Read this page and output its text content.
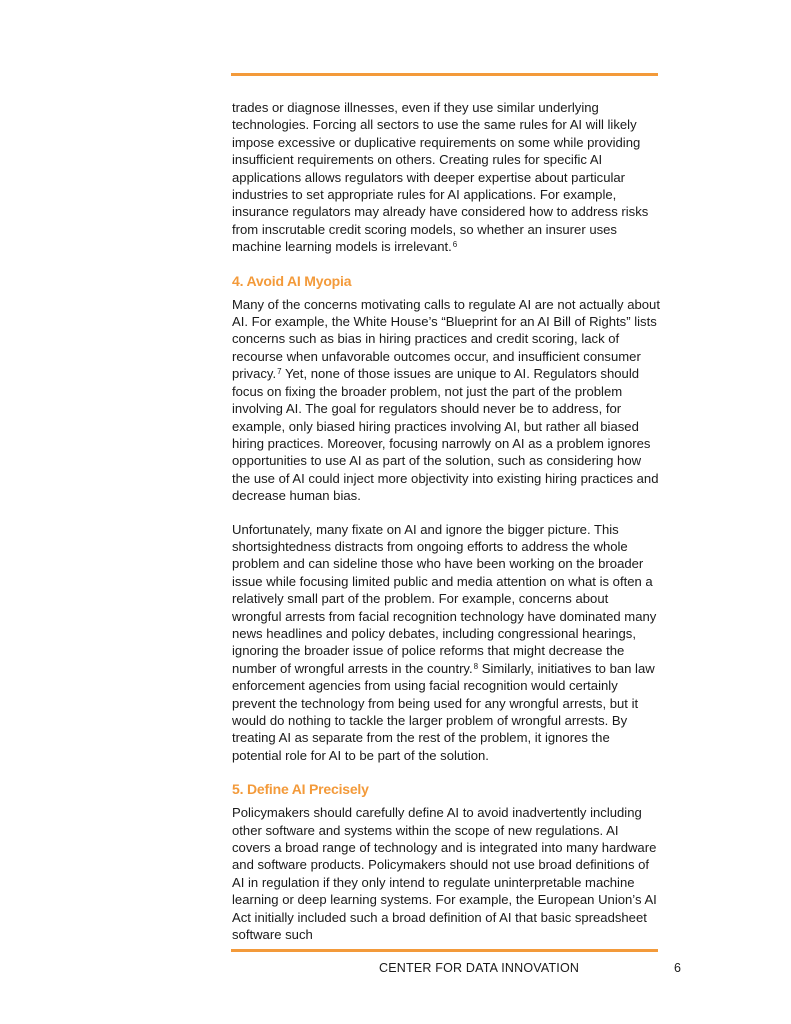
trades or diagnose illnesses, even if they use similar underlying technologies. Forcing all sectors to use the same rules for AI will likely impose excessive or duplicative requirements on some while providing insufficient requirements on others. Creating rules for specific AI applications allows regulators with deeper expertise about particular industries to set appropriate rules for AI applications. For example, insurance regulators may already have considered how to address risks from inscrutable credit scoring models, so whether an insurer uses machine learning models is irrelevant.$^6$

4. Avoid AI Myopia

Many of the concerns motivating calls to regulate AI are not actually about AI. For example, the White House’s “Blueprint for an AI Bill of Rights” lists concerns such as bias in hiring practices and credit scoring, lack of recourse when unfavorable outcomes occur, and insufficient consumer privacy.$^7$ Yet, none of those issues are unique to AI. Regulators should focus on fixing the broader problem, not just the part of the problem involving AI. The goal for regulators should never be to address, for example, only biased hiring practices involving AI, but rather all biased hiring practices. Moreover, focusing narrowly on AI as a problem ignores opportunities to use AI as part of the solution, such as considering how the use of AI could inject more objectivity into existing hiring practices and decrease human bias.

Unfortunately, many fixate on AI and ignore the bigger picture. This shortsightedness distracts from ongoing efforts to address the whole problem and can sideline those who have been working on the broader issue while focusing limited public and media attention on what is often a relatively small part of the problem. For example, concerns about wrongful arrests from facial recognition technology have dominated many news headlines and policy debates, including congressional hearings, ignoring the broader issue of police reforms that might decrease the number of wrongful arrests in the country.$^8$ Similarly, initiatives to ban law enforcement agencies from using facial recognition would certainly prevent the technology from being used for any wrongful arrests, but it would do nothing to tackle the larger problem of wrongful arrests. By treating AI as separate from the rest of the problem, it ignores the potential role for AI to be part of the solution.

5. Define AI Precisely

Policymakers should carefully define AI to avoid inadvertently including other software and systems within the scope of new regulations. AI covers a broad range of technology and is integrated into many hardware and software products. Policymakers should not use broad definitions of AI in regulation if they only intend to regulate uninterpretable machine learning or deep learning systems. For example, the European Union’s AI Act initially included such a broad definition of AI that basic spreadsheet software such

CENTER FOR DATA INNOVATION	6
